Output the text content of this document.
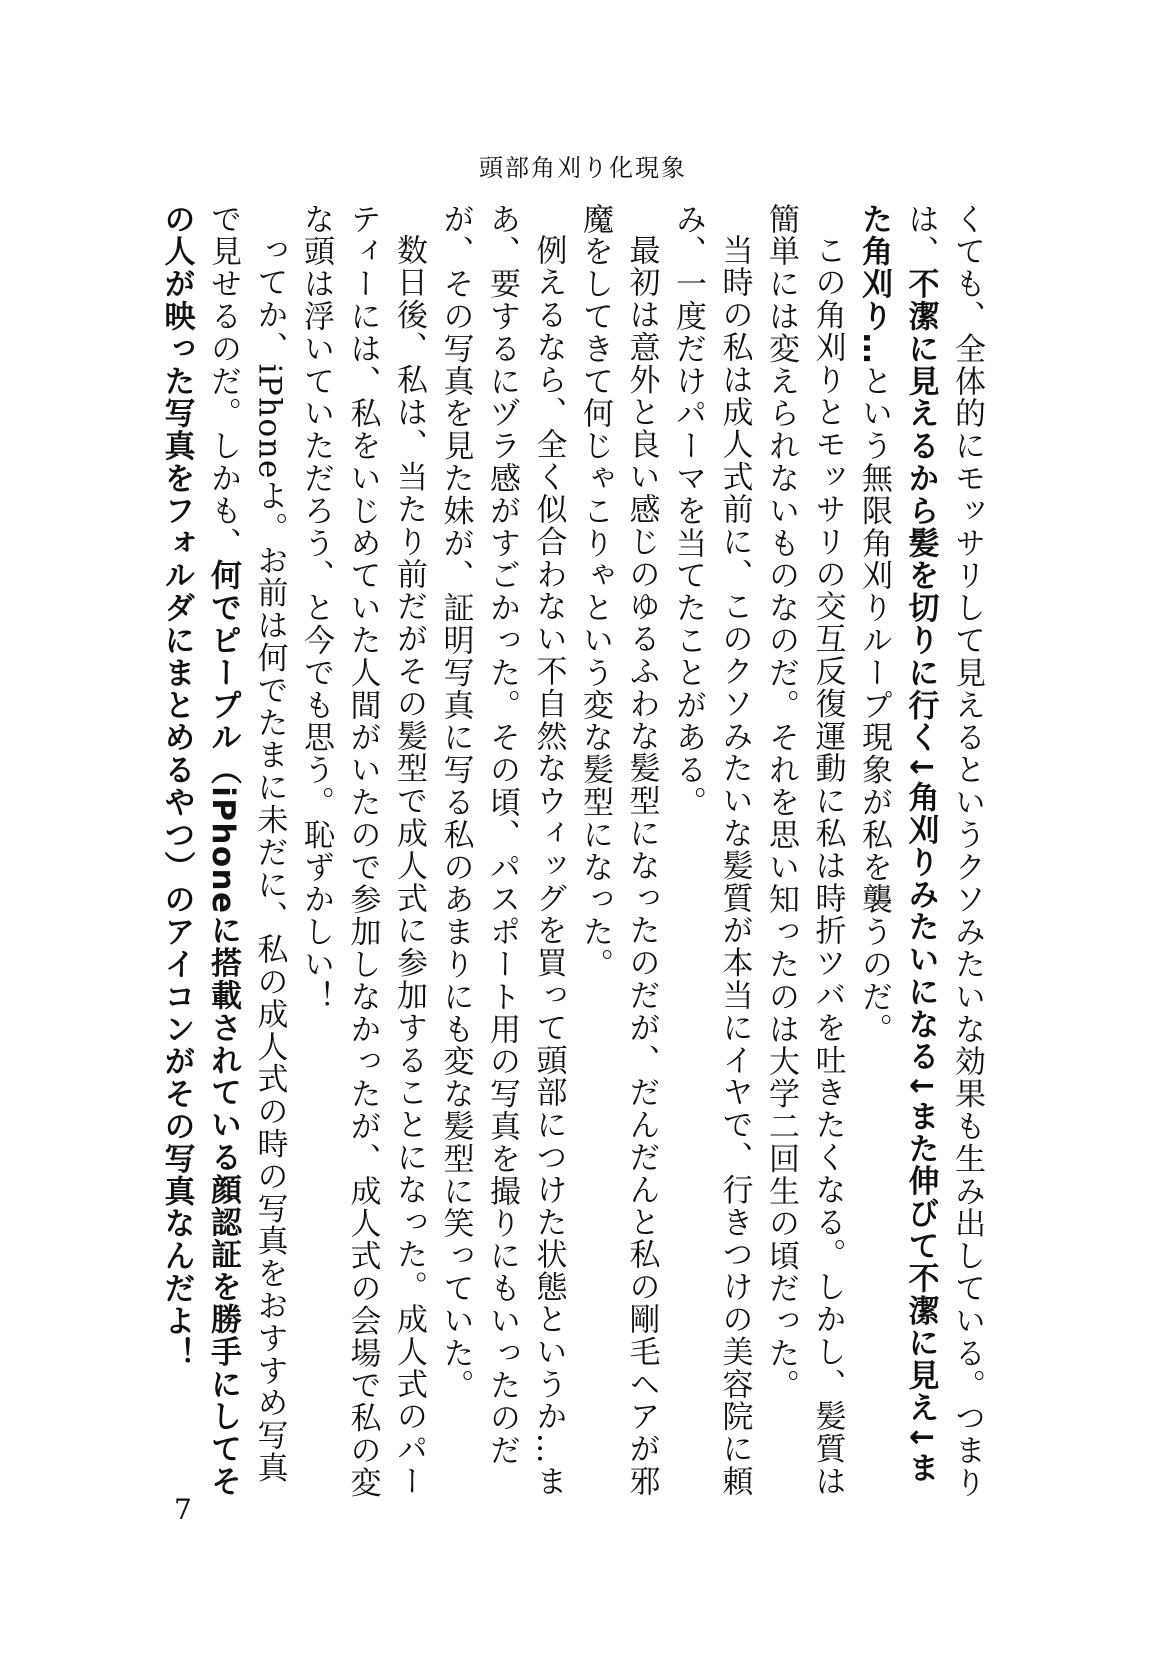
頭部角刈り化現象

くても、全体的にモッサリして見えるというクソみたいな効果も生み出している。つまりは、不潔に見えるから髪を切りに行く↓角刈りみたいになる↓また伸びて不潔に見え↓また角刈り…という無限角刈りループ現象が私を襲うのだ。

この角刈りとモッサリの交互反復運動に私は時折ツバを吐きたくなる。しかし、髪質は簡単には変えられないものなのだ。それを思い知ったのは大学二回生の頃だった。

当時の私は成人式前に、このクソみたいな髪質が本当にイヤで、行きつけの美容院に頼み、一度だけパーマを当てたことがある。

最初は意外と良い感じのゆるふわな髪型になったのだが、だんだんと私の剛毛ヘアが邪魔をしてきて何じゃこりゃという変な髪型になった。

例えるなら、全く似合わない不自然なウィッグを買って頭部につけた状態というか…まあ、要するにヅラ感がすごかった。その頃、パスポート用の写真を撮りにもいったのだが、その写真を見た妹が、証明写真に写る私のあまりにも変な髪型に笑っていた。

数日後、私は、当たり前だがその髪型で成人式に参加することになった。成人式のパーティーには、私をいじめていた人間がいたので参加しなかったが、成人式の会場で私の変な頭は浮いていただろう、と今でも思う。恥ずかしい！

ってか、iPhoneよ。お前は何でたまに未だに、私の成人式の時の写真をおすすめ写真で見せるのだ。しかも、何でピープル（iPhoneに搭載されている顔認証を勝手にしてその人が映った写真をフォルダにまとめるやつ）のアイコンがその写真なんだよ！

7
